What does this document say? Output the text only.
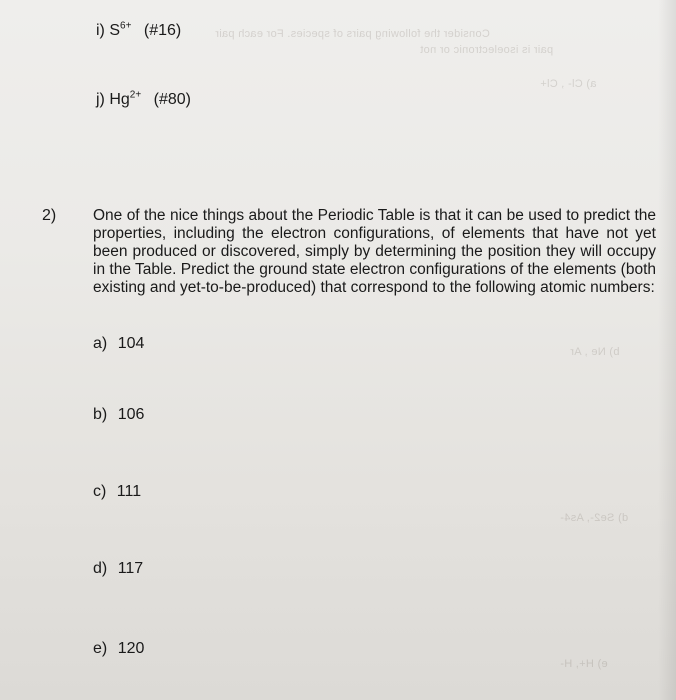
Consider the following pairs of species. For each pair
pair is isoelectronic or not
a) Cl- , Cl+
b) Ne , Ar
d) Se2-, As4-
e) H+, H-
i) $S^{6+}$ (#16)
j) $Hg^{2+}$ (#80)
2) One of the nice things about the Periodic Table is that it can be used to predict the properties, including the electron configurations, of elements that have not yet been produced or discovered, simply by determining the position they will occupy in the Table. Predict the ground state electron configurations of the elements (both existing and yet-to-be-produced) that correspond to the following atomic numbers:

a) 104
b) 106
c) 111
d) 117
e) 120
